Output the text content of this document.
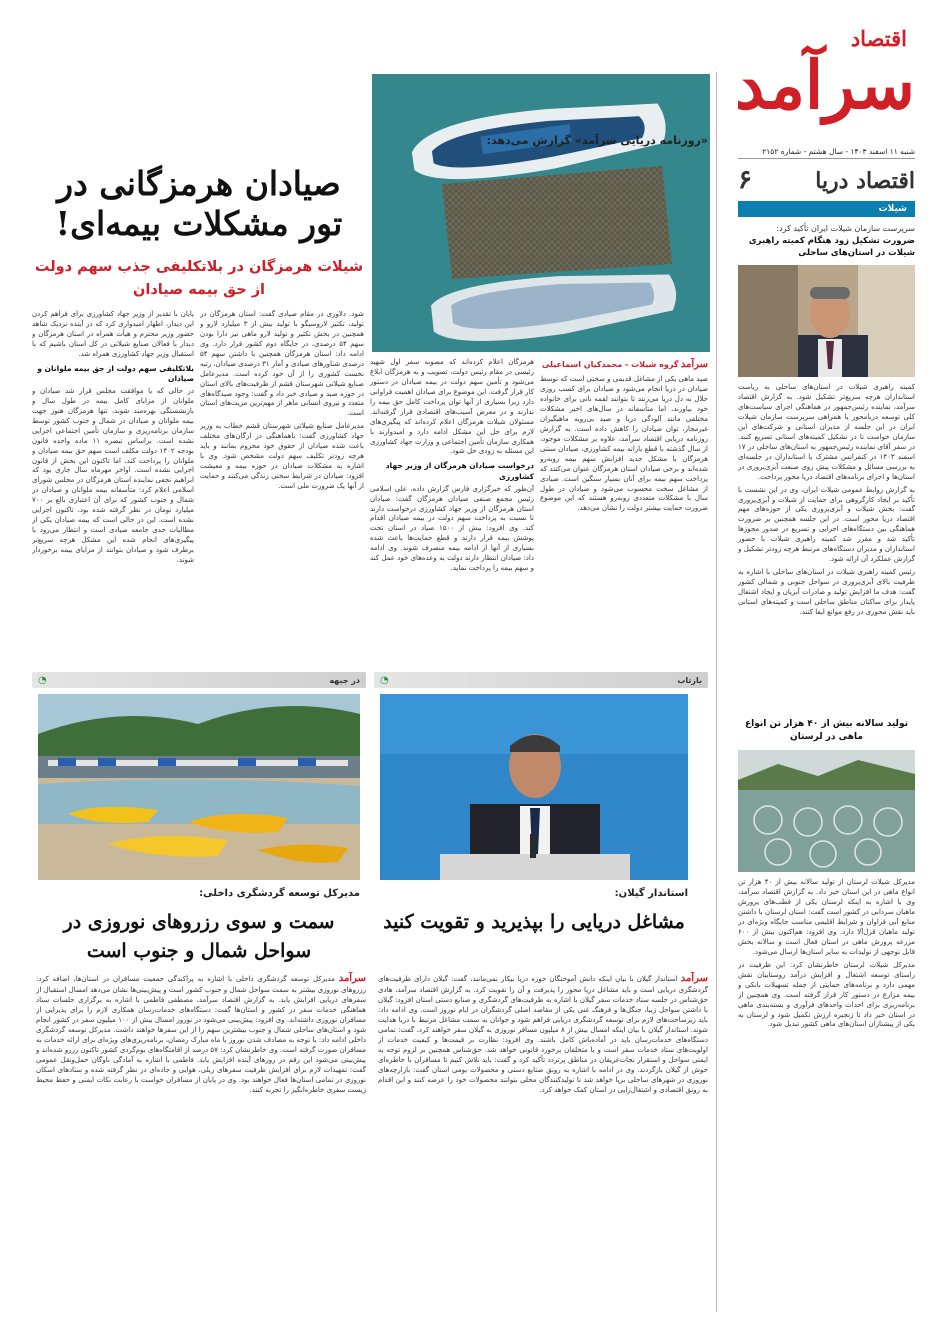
اقتصاد
سرآمد
شنبه ۱۱ اسفند ۱۴۰۳ - سال هشتم - شماره ۲۱۵۲
اقتصاد دریا
۶
شیلات
سرپرست سازمان شیلات ایران تأکید کرد:
ضرورت تشکیل زود هنگام کمیته راهبری شیلات در استان‌های ساحلی

کمیته راهبری شیلات در استان‌های ساحلی به ریاست استانداران هرچه سریع‌تر تشکیل شود. به گزارش اقتصاد سرآمد، نماینده رئیس‌جمهور در هماهنگی اجرای سیاست‌های کلی توسعه دریامحور با همراهی سرپرست سازمان شیلات ایران در این جلسه از مدیران استانی و شرکت‌های این سازمان خواست تا در تشکیل کمیته‌های استانی تسریع کنند. در سفر آقای نماینده رئیس‌جمهور به استان‌های ساحلی در ۱۷ اسفند ۱۴۰۳ در کنفرانس مشترک با استانداران در جلسه‌ای به بررسی مسائل و مشکلات پیش روی صنعت آبزی‌پروری در استان‌ها و اجرای برنامه‌های اقتصاد دریا محور پرداخت.

به گزارش روابط عمومی شیلات ایران، وی در این نشست با تأکید بر ایجاد کارگروهی برای حمایت از شیلات و آبزی‌پروری گفت: بخش شیلات و آبزی‌پروری یکی از حوزه‌های مهم اقتصاد دریا محور است. در این جلسه همچنین بر ضرورت هماهنگی بین دستگاه‌های اجرایی و تسریع در صدور مجوزها تأکید شد و مقرر شد کمیته راهبری شیلات با حضور استانداران و مدیران دستگاه‌های مرتبط هرچه زودتر تشکیل و گزارش عملکرد آن ارائه شود.

رئیس کمیته راهبری شیلات در استان‌های ساحلی با اشاره به ظرفیت بالای آبزی‌پروری در سواحل جنوبی و شمالی کشور گفت: هدف ما افزایش تولید و صادرات آبزیان و ایجاد اشتغال پایدار برای ساکنان مناطق ساحلی است و کمیته‌های استانی باید نقش محوری در رفع موانع ایفا کنند.

تولید سالانه بیش از ۴۰ هزار تن انواع ماهی در لرستان

مدیرکل شیلات لرستان از تولید سالانه بیش از ۴۰ هزار تن انواع ماهی در این استان خبر داد. به گزارش اقتصاد سرآمد، وی با اشاره به اینکه لرستان یکی از قطب‌های پرورش ماهیان سردابی در کشور است گفت: استان لرستان با داشتن منابع آبی فراوان و شرایط اقلیمی مناسب جایگاه ویژه‌ای در تولید ماهیان قزل‌آلا دارد. وی افزود: هم‌اکنون بیش از ۶۰۰ مزرعه پرورش ماهی در استان فعال است و سالانه بخش قابل توجهی از تولیدات به سایر استان‌ها ارسال می‌شود.

مدیرکل شیلات لرستان خاطرنشان کرد: این ظرفیت در راستای توسعه اشتغال و افزایش درآمد روستاییان نقش مهمی دارد و برنامه‌های حمایتی از جمله تسهیلات بانکی و بیمه مزارع در دستور کار قرار گرفته است. وی همچنین از برنامه‌ریزی برای احداث واحدهای فرآوری و بسته‌بندی ماهی در استان خبر داد تا زنجیره ارزش تکمیل شود و لرستان به یکی از پیشتازان استان‌های ماهی کشور تبدیل شود.

«روزنامه دریایی سرآمد» گزارش می‌دهد:
صیادان هرمزگانی در تور مشکلات بیمه‌ای!
شیلات هرمزگان در بلاتکلیفی جذب سهم دولت از حق بیمه صیادان

سرآمد گروه شیلات - محمدکیان اسماعیلی

صید ماهی یکی از مشاغل قدیمی و سختی است که توسط صیادان در دریا انجام می‌شود و صیادان برای کسب روزی حلال به دل دریا می‌زنند تا بتوانند لقمه نانی برای خانواده خود بیاورند، اما متأسفانه در سال‌های اخیر مشکلات مختلفی مانند آلودگی دریا و صید بی‌رویه ماهیگیران غیرمجاز، توان صیادان را کاهش داده است. به گزارش روزنامه دریایی اقتصاد سرآمد، علاوه بر مشکلات موجود، از سال گذشته با قطع یارانه بیمه کشاورزی، صیادان سنتی هرمزگان با مشکل جدید افزایش سهم بیمه روبه‌رو شده‌اند و برخی صیادان استان هرمزگان عنوان می‌کنند که پرداخت سهم بیمه برای آنان بسیار سنگین است. صیادی از مشاغل سخت محسوب می‌شود و صیادان در طول سال با مشکلات متعددی روبه‌رو هستند که این موضوع ضرورت حمایت بیشتر دولت را نشان می‌دهد.

هرمزگان اعلام کرده‌اند که مصوبه سفر اول شهید رئیسی در مقام رئیس دولت، تصویب و به هرمزگان ابلاغ می‌شود و تأمین سهم دولت در بیمه صیادان در دستور کار قرار گرفت. این موضوع برای صیادان اهمیت فراوانی دارد زیرا بسیاری از آنها توان پرداخت کامل حق بیمه را ندارند و در معرض آسیب‌های اقتصادی قرار گرفته‌اند. مسئولان شیلات هرمزگان اعلام کرده‌اند که پیگیری‌های لازم برای حل این مشکل ادامه دارد و امیدوارند با همکاری سازمان تأمین اجتماعی و وزارت جهاد کشاورزی این مسئله به زودی حل شود.

درخواست صیادان هرمزگان از وزیر جهاد کشاورزی

آن‌طور که خبرگزاری فارس گزارش داده، علی اسلامی رئیس مجمع صنفی صیادان هرمزگان گفت: صیادان استان هرمزگان از وزیر جهاد کشاورزی درخواست دارند تا نسبت به پرداخت سهم دولت در بیمه صیادان اقدام کند. وی افزود: بیش از ۱۵۰۰ صیاد در استان تحت پوشش بیمه قرار دارند و قطع حمایت‌ها باعث شده بسیاری از آنها از ادامه بیمه منصرف شوند. وی ادامه داد: صیادان انتظار دارند دولت به وعده‌های خود عمل کند و سهم بیمه را پرداخت نماید.

شود. دلاوری در مقام صیادی گفت: استان هرمزگان در تولید، تکثیر لاروسیگو با تولید بیش از ۳ میلیارد لارو و همچنین در بخش تکثیر و تولید لارو ماهی نیز دارا بودن سهم ۵۴ درصدی، در جایگاه دوم کشور قرار دارد. وی ادامه داد: استان هرمزگان همچنین با داشتن سهم ۵۴ درصدی شناورهای صیادی و آمار ۳۱ درصدی صیادان، رتبه نخست کشوری را از آن خود کرده است. مدیرعامل صنایع شیلاتی شهرستان قشم از ظرفیت‌های بالای استان در حوزه صید و صیادی خبر داد و گفت: وجود صیدگاه‌های متعدد و نیروی انسانی ماهر از مهم‌ترین مزیت‌های استان است.

مدیرعامل صنایع شیلاتی شهرستان قشم خطاب به وزیر جهاد کشاورزی گفت: ناهماهنگی در ارگان‌های مختلف باعث شده صیادان از حقوق خود محروم بمانند و باید هرچه زودتر تکلیف سهم دولت مشخص شود. وی با اشاره به مشکلات صیادان در حوزه بیمه و معیشت افزود: صیادان در شرایط سختی زندگی می‌کنند و حمایت از آنها یک ضرورت ملی است.

پایان با تقدیر از وزیر جهاد کشاورزی برای فراهم کردن این دیدار، اظهار امیدواری کرد که در آینده نزدیک شاهد حضور وزیر محترم و هیأت همراه در استان هرمزگان و دیدار با فعالان صنایع شیلاتی در کل استان باشیم که با استقبال وزیر جهاد کشاورزی همراه شد.

بلاتکلیفی سهم دولت از حق بیمه ملوانان و صیادان

در حالی که با موافقت مجلس قرار شد صیادان و ملوانان از مزایای کامل بیمه در طول سال و بازنشستگی بهره‌مند شوند، تنها هرمزگان هنوز جهت بیمه ملوانان و صیادان در شمال و جنوب کشور توسط سازمان برنامه‌ریزی و سازمان تأمین اجتماعی اجرایی نشده است. براساس تبصره ۱۱ ماده واحده قانون بودجه ۱۴۰۲ دولت مکلف است سهم حق بیمه صیادان و ملوانان را پرداخت کند، اما تاکنون این بخش از قانون اجرایی نشده است. اواخر مهرماه سال جاری بود که ابراهیم نجفی نماینده استان هرمزگان در مجلس شورای اسلامی اعلام کرد: متأسفانه بیمه ملوانان و صیادان در شمال و جنوب کشور که برای آن اعتباری بالغ بر ۷۰۰ میلیارد تومان در نظر گرفته شده بود، تاکنون اجرایی نشده است. این در حالی است که بیمه صیادان یکی از مطالبات جدی جامعه صیادی است و انتظار می‌رود با پیگیری‌های انجام شده این مشکل هرچه سریع‌تر برطرف شود و صیادان بتوانند از مزایای بیمه برخوردار شوند.

بازتاب
◔
استاندار گیلان:
مشاغل دریایی را بپذیرید و تقویت کنید

سرآمد استاندار گیلان با بیان اینکه دانش آموختگان حوزه دریا بیکار نمی‌مانند، گفت: گیلان دارای ظرفیت‌های گردشگری دریایی است و باید مشاغل دریا محور را پذیرفت و آن را تقویت کرد. به گزارش اقتصاد سرآمد، هادی حق‌شناس در جلسه ستاد خدمات سفر گیلان با اشاره به ظرفیت‌های گردشگری و صنایع دستی استان افزود: گیلان با داشتن سواحل زیبا، جنگل‌ها و فرهنگ غنی یکی از مقاصد اصلی گردشگران در ایام نوروز است. وی ادامه داد: باید زیرساخت‌های لازم برای توسعه گردشگری دریایی فراهم شود و جوانان به سمت مشاغل مرتبط با دریا هدایت شوند. استاندار گیلان با بیان اینکه امسال بیش از ۸ میلیون مسافر نوروزی به گیلان سفر خواهند کرد، گفت: تمامی دستگاه‌های خدمات‌رسان باید در آماده‌باش کامل باشند. وی افزود: نظارت بر قیمت‌ها و کیفیت خدمات از اولویت‌های ستاد خدمات سفر است و با متخلفان برخورد قانونی خواهد شد. حق‌شناس همچنین بر لزوم توجه به ایمنی سواحل و استقرار نجات‌غریقان در مناطق پرتردد تأکید کرد و گفت: باید تلاش کنیم تا مسافران با خاطره‌ای خوش از گیلان بازگردند. وی در ادامه با اشاره به رونق صنایع دستی و محصولات بومی استان گفت: بازارچه‌های نوروزی در شهرهای ساحلی برپا خواهد شد تا تولیدکنندگان محلی بتوانند محصولات خود را عرضه کنند و این اقدام به رونق اقتصادی و اشتغال‌زایی در استان کمک خواهد کرد.

در جبهه
◔
مدیرکل توسعه گردشگری داخلی:
سمت و سوی رزروهای نوروزی در سواحل شمال و جنوب است

سرآمد مدیرکل توسعه گردشگری داخلی با اشاره به پراکندگی جمعیت مسافران در استان‌ها، اضافه کرد: رزروهای نوروزی بیشتر به سمت سواحل شمال و جنوب کشور است و پیش‌بینی‌ها نشان می‌دهد امسال استقبال از سفرهای دریایی افزایش یابد. به گزارش اقتصاد سرآمد، مصطفی فاطمی با اشاره به برگزاری جلسات ستاد هماهنگی خدمات سفر در کشور و استان‌ها گفت: دستگاه‌های خدمات‌رسان همکاری لازم را برای پذیرایی از مسافران نوروزی داشته‌اند. وی افزود: پیش‌بینی می‌شود در نوروز امسال بیش از ۱۰۰ میلیون سفر در کشور انجام شود و استان‌های ساحلی شمال و جنوب بیشترین سهم را از این سفرها خواهند داشت. مدیرکل توسعه گردشگری داخلی ادامه داد: با توجه به مصادف شدن نوروز با ماه مبارک رمضان، برنامه‌ریزی‌های ویژه‌ای برای ارائه خدمات به مسافران صورت گرفته است. وی خاطرنشان کرد: ۵۷ درصد از اقامتگاه‌های بوم‌گردی کشور تاکنون رزرو شده‌اند و پیش‌بینی می‌شود این رقم در روزهای آینده افزایش یابد. فاطمی با اشاره به آمادگی ناوگان حمل‌ونقل عمومی گفت: تمهیدات لازم برای افزایش ظرفیت سفرهای ریلی، هوایی و جاده‌ای در نظر گرفته شده و ستادهای اسکان نوروزی در تمامی استان‌ها فعال خواهند بود. وی در پایان از مسافران خواست با رعایت نکات ایمنی و حفظ محیط زیست سفری خاطره‌انگیز را تجربه کنند.
